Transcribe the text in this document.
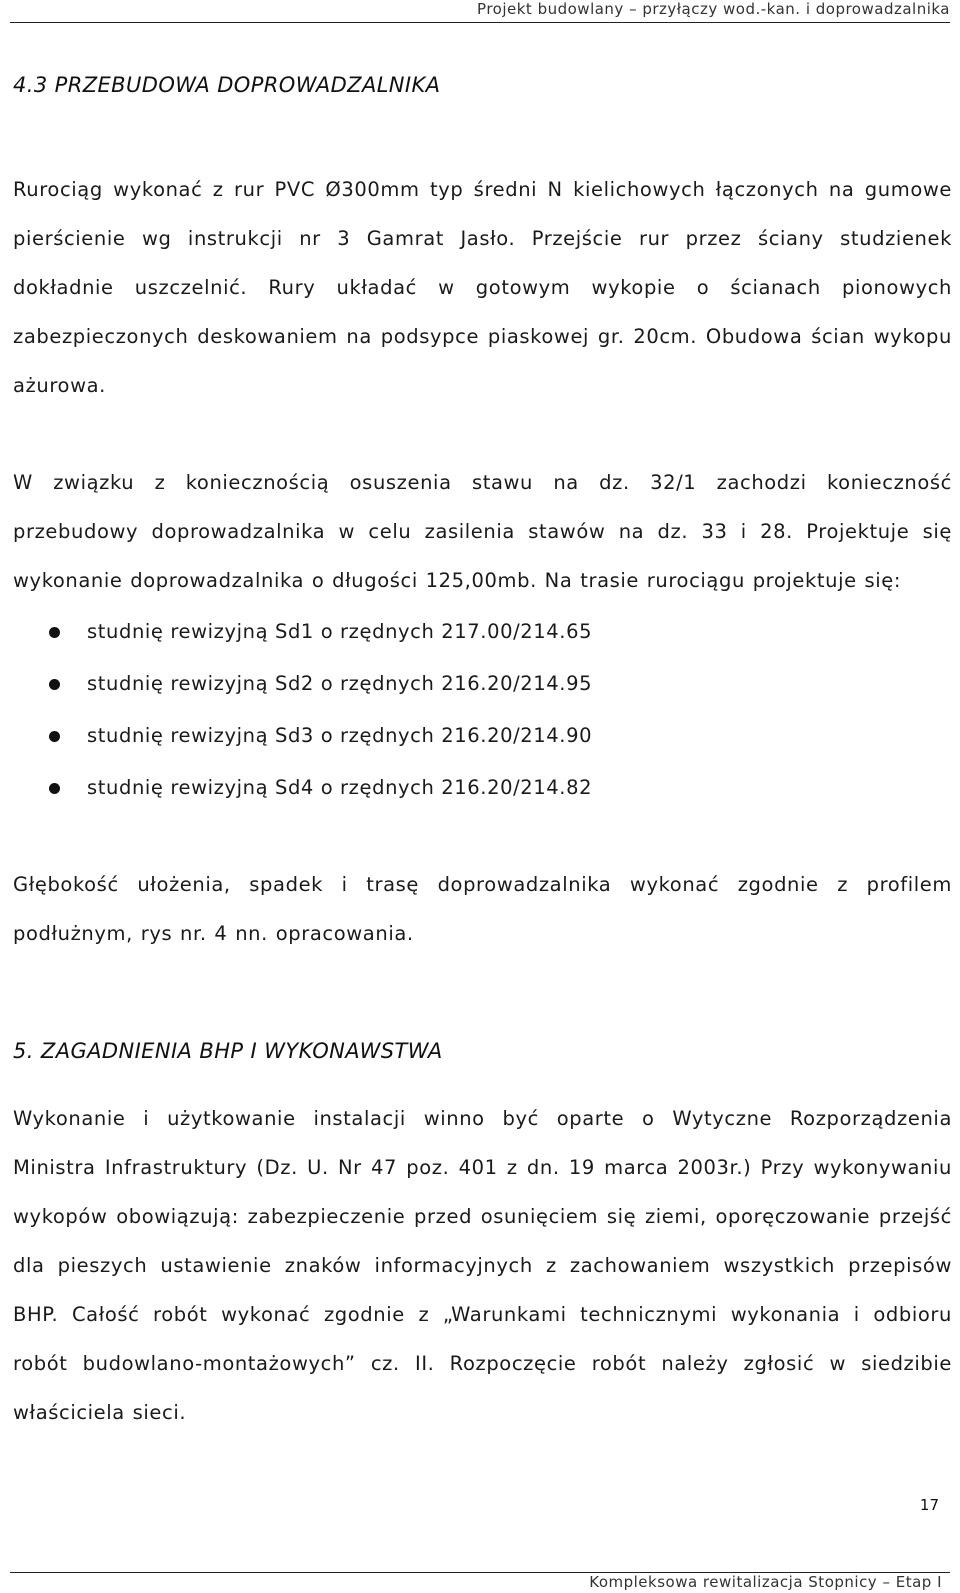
Projekt budowlany – przyłączy wod.-kan. i doprowadzalnika
4.3 PRZEBUDOWA DOPROWADZALNIKA
Rurociąg wykonać z rur PVC Ø300mm typ średni N kielichowych łączonych na gumowe pierścienie wg instrukcji nr 3 Gamrat Jasło. Przejście rur przez ściany studzienek dokładnie uszczelnić. Rury układać w gotowym wykopie o ścianach pionowych zabezpieczonych deskowaniem na podsypce piaskowej gr. 20cm. Obudowa ścian wykopu ażurowa.
W związku z koniecznością osuszenia stawu na dz. 32/1 zachodzi konieczność przebudowy doprowadzalnika w celu zasilenia stawów na dz. 33 i 28. Projektuje się wykonanie doprowadzalnika o długości 125,00mb. Na trasie rurociągu projektuje się:
studnię rewizyjną Sd1 o rzędnych 217.00/214.65
studnię rewizyjną Sd2 o rzędnych 216.20/214.95
studnię rewizyjną Sd3 o rzędnych 216.20/214.90
studnię rewizyjną Sd4 o rzędnych 216.20/214.82
Głębokość ułożenia, spadek i trasę doprowadzalnika wykonać zgodnie z profilem podłużnym, rys nr. 4 nn. opracowania.
5. ZAGADNIENIA BHP I WYKONAWSTWA
Wykonanie i użytkowanie instalacji winno być oparte o Wytyczne Rozporządzenia Ministra Infrastruktury (Dz. U. Nr 47 poz. 401 z dn. 19 marca 2003r.) Przy wykonywaniu wykopów obowiązują: zabezpieczenie przed osunięciem się ziemi, oporęczowanie przejść dla pieszych ustawienie znaków informacyjnych z zachowaniem wszystkich przepisów BHP. Całość robót wykonać zgodnie z „Warunkami technicznymi wykonania i odbioru robót budowlano-montażowych” cz. II. Rozpoczęcie robót należy zgłosić w siedzibie właściciela sieci.
17
Kompleksowa rewitalizacja Stopnicy – Etap I
